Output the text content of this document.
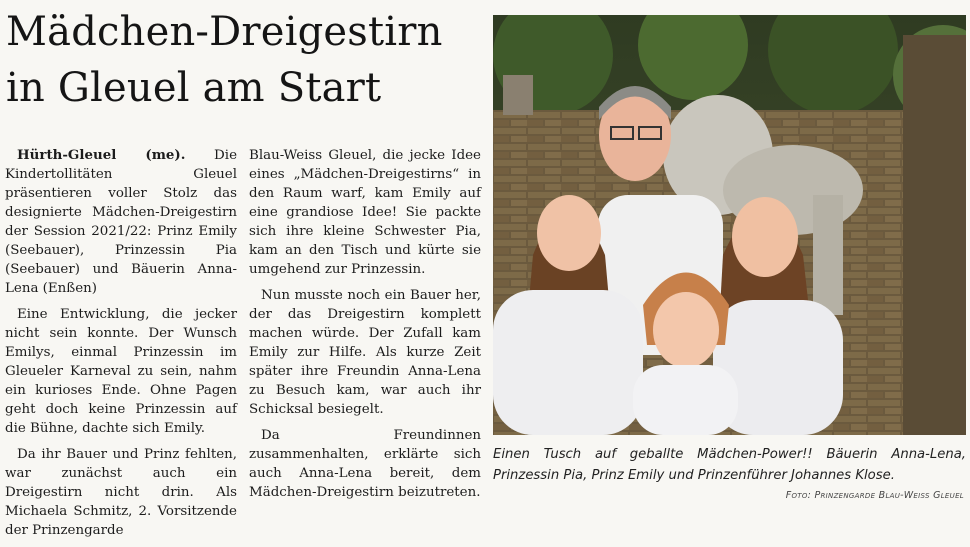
Mädchen-Dreigestirn
in Gleuel am Start

Hürth-Gleuel (me). Die Kindertollitäten Gleuel präsentieren voller Stolz das designierte Mädchen-Dreigestirn der Session 2021/22: Prinz Emily (Seebauer), Prinzessin Pia (Seebauer) und Bäuerin Anna-Lena (Enßen)

Eine Entwicklung, die jecker nicht sein konnte. Der Wunsch Emilys, einmal Prinzessin im Gleueler Karneval zu sein, nahm ein kurioses Ende. Ohne Pagen geht doch keine Prinzessin auf die Bühne, dachte sich Emily.

Da ihr Bauer und Prinz fehlten, war zunächst auch ein Dreigestirn nicht drin. Als Michaela Schmitz, 2. Vorsitzende der Prinzengarde

Blau-Weiss Gleuel, die jecke Idee eines „Mädchen-Dreigestirns“ in den Raum warf, kam Emily auf eine grandiose Idee! Sie packte sich ihre kleine Schwester Pia, kam an den Tisch und kürte sie umgehend zur Prinzessin.

Nun musste noch ein Bauer her, der das Dreigestirn komplett machen würde. Der Zufall kam Emily zur Hilfe. Als kurze Zeit später ihre Freundin Anna-Lena zu Besuch kam, war auch ihr Schicksal besiegelt.

Da Freundinnen zusammenhalten, erklärte sich auch Anna-Lena bereit, dem Mädchen-Dreigestirn beizutreten.

Einen Tusch auf geballte Mädchen-Power!! Bäuerin Anna-Lena, Prinzessin Pia, Prinz Emily und Prinzenführer Johannes Klose.
Foto: Prinzengarde Blau-Weiss Gleuel
